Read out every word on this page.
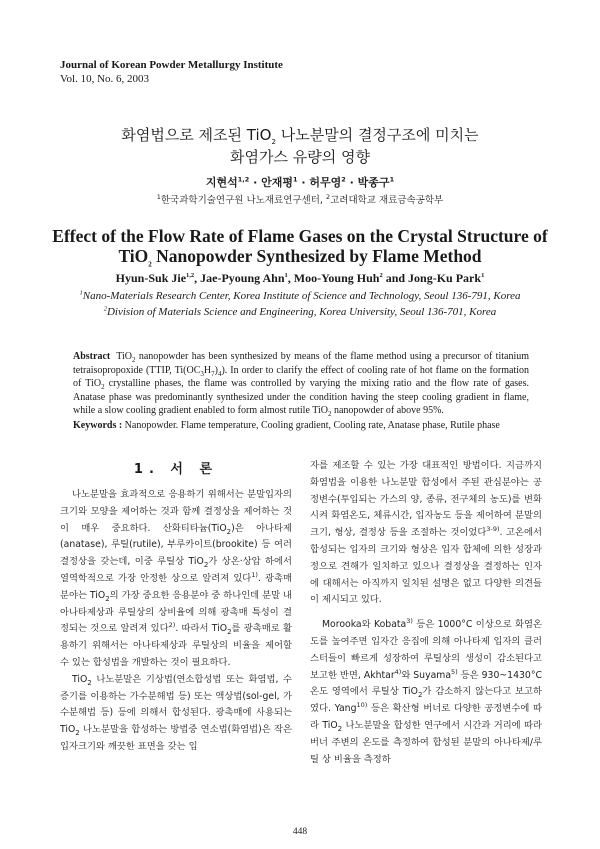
Journal of Korean Powder Metallurgy Institute
Vol. 10, No. 6, 2003
화염법으로 제조된 TiO$_2$ 나노분말의 결정구조에 미치는
화염가스 유량의 영향
지현석$^{1,2}$ · 안재평$^1$ · 허무영$^2$ · 박종구$^1$
$^1$한국과학기술연구원 나노재료연구센터, $^2$고려대학교 재료금속공학부
Effect of the Flow Rate of Flame Gases on the Crystal Structure of
TiO$_2$ Nanopowder Synthesized by Flame Method
Hyun-Suk Jie$^{1,2}$, Jae-Pyoung Ahn$^1$, Moo-Young Huh$^2$ and Jong-Ku Park$^1$
$^1$Nano-Materials Research Center, Korea Institute of Science and Technology, Seoul 136-791, Korea
$^2$Division of Materials Science and Engineering, Korea University, Seoul 136-701, Korea
Abstract TiO$_2$ nanopowder has been synthesized by means of the flame method using a precursor of titanium tetraisopropoxide (TTIP, $Ti(OC_3H_7)_4$). In order to clarify the effect of cooling rate of hot flame on the formation of TiO$_2$ crystalline phases, the flame was controlled by varying the mixing ratio and the flow rate of gases. Anatase phase was predominantly synthesized under the condition having the steep cooling gradient in flame, while a slow cooling gradient enabled to form almost rutile TiO$_2$ nanopowder of above 95%.
Keywords : Nanopowder. Flame temperature, Cooling gradient, Cooling rate, Anatase phase, Rutile phase
1. 서 론

나노분말을 효과적으로 응용하기 위해서는 분말입자의 크기와 모양을 제어하는 것과 함께 결정상을 제어하는 것이 매우 중요하다. 산화티타늄(TiO$_2$)은 아나타제(anatase), 루틸(rutile), 부루카이트(brookite) 등 여러 결정상을 갖는데, 이중 루틸상 TiO$_2$가 상온·상압 하에서 열역학적으로 가장 안정한 상으로 알려져 있다$^{1)}$. 광촉매 분야는 TiO$_2$의 가장 중요한 응용분야 중 하나인데 분말 내 아나타제상과 루틸상의 상비율에 의해 광촉매 특성이 결정되는 것으로 알려져 있다$^{2)}$. 따라서 TiO$_2$를 광촉매로 활용하기 위해서는 아나타제상과 루틸상의 비율을 제어할 수 있는 합성법을 개발하는 것이 필요하다.

TiO$_2$ 나노분말은 기상법(연소합성법 또는 화염법, 수증기를 이용하는 가수분해법 등) 또는 액상법(sol-gel, 가수분해법 등) 등에 의해서 합성된다. 광촉매에 사용되는 TiO$_2$ 나노분말을 합성하는 방법중 연소법(화염법)은 작은 입자크기와 깨끗한 표면을 갖는 입

자를 제조할 수 있는 가장 대표적인 방법이다. 지금까지 화염법을 이용한 나노분말 합성에서 주된 관심분야는 공정변수(투입되는 가스의 양, 종류, 전구체의 농도)를 변화시켜 화염온도, 체류시간, 입자농도 등을 제어하여 분말의 크기, 형상, 결정상 등을 조절하는 것이었다$^{3-9)}$. 고온에서 합성되는 입자의 크기와 형상은 입자 합체에 의한 성장과정으로 견해가 일치하고 있으나 결정상을 결정하는 인자에 대해서는 아직까지 일치된 설명은 없고 다양한 의견들이 제시되고 있다.

Morooka와 Kobata$^{3)}$ 등은 1000°C 이상으로 화염온도를 높여주면 입자간 응집에 의해 아나타제 입자의 클러스터들이 빠르게 성장하여 루틸상의 생성이 감소된다고 보고한 반면, Akhtar$^{4)}$와 Suyama$^{5)}$ 등은 930~1430°C 온도 영역에서 루틸상 TiO$_2$가 감소하지 않는다고 보고하였다. Yang$^{10)}$ 등은 확산형 버너로 다양한 공정변수에 따라 TiO$_2$ 나노분말을 합성한 연구에서 시간과 거리에 따라 버너 주변의 온도를 측정하여 합성된 분말의 아나타제/루틸 상 비율을 측정하

448
